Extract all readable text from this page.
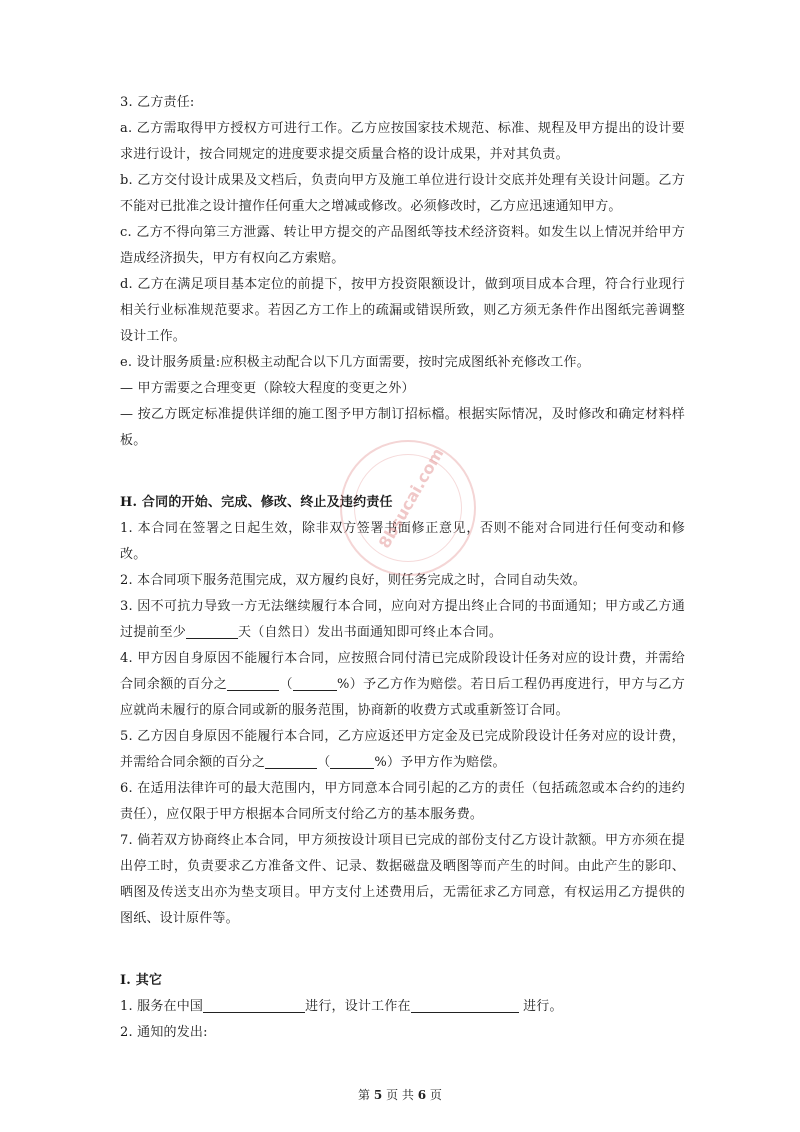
3. 乙方责任:

a. 乙方需取得甲方授权方可进行工作。乙方应按国家技术规范、标准、规程及甲方提出的设计要求进行设计，按合同规定的进度要求提交质量合格的设计成果，并对其负责。

b. 乙方交付设计成果及文档后，负责向甲方及施工单位进行设计交底并处理有关设计问题。乙方不能对已批准之设计擅作任何重大之增减或修改。必须修改时，乙方应迅速通知甲方。

c. 乙方不得向第三方泄露、转让甲方提交的产品图纸等技术经济资料。如发生以上情况并给甲方造成经济损失，甲方有权向乙方索赔。

d. 乙方在满足项目基本定位的前提下，按甲方投资限额设计，做到项目成本合理，符合行业现行相关行业标准规范要求。若因乙方工作上的疏漏或错误所致，则乙方须无条件作出图纸完善调整设计工作。

e. 设计服务质量:应积极主动配合以下几方面需要，按时完成图纸补充修改工作。

— 甲方需要之合理变更（除较大程度的变更之外）

— 按乙方既定标准提供详细的施工图予甲方制订招标檔。根据实际情况，及时修改和确定材料样板。

H. 合同的开始、完成、修改、终止及违约责任

1. 本合同在签署之日起生效，除非双方签署书面修正意见，否则不能对合同进行任何变动和修改。

2. 本合同项下服务范围完成，双方履约良好，则任务完成之时，合同自动失效。

3. 因不可抗力导致一方无法继续履行本合同，应向对方提出终止合同的书面通知；甲方或乙方通过提前至少	天（自然日）发出书面通知即可终止本合同。

4. 甲方因自身原因不能履行本合同，应按照合同付清已完成阶段设计任务对应的设计费，并需给合同余额的百分之	（	%）予乙方作为赔偿。若日后工程仍再度进行，甲方与乙方应就尚未履行的原合同或新的服务范围，协商新的收费方式或重新签订合同。

5. 乙方因自身原因不能履行本合同，乙方应返还甲方定金及已完成阶段设计任务对应的设计费，并需给合同余额的百分之	（	%）予甲方作为赔偿。

6. 在适用法律许可的最大范围内，甲方同意本合同引起的乙方的责任（包括疏忽或本合约的违约责任），应仅限于甲方根据本合同所支付给乙方的基本服务费。

7. 倘若双方协商终止本合同，甲方须按设计项目已完成的部份支付乙方设计款额。甲方亦须在提出停工时，负责要求乙方准备文件、记录、数据磁盘及晒图等而产生的时间。由此产生的影印、晒图及传送支出亦为垫支项目。甲方支付上述费用后，无需征求乙方同意，有权运用乙方提供的图纸、设计原件等。

I. 其它

1. 服务在中国	进行，设计工作在	进行。

2. 通知的发出:

8bsucai.com
第 5 页 共 6 页
